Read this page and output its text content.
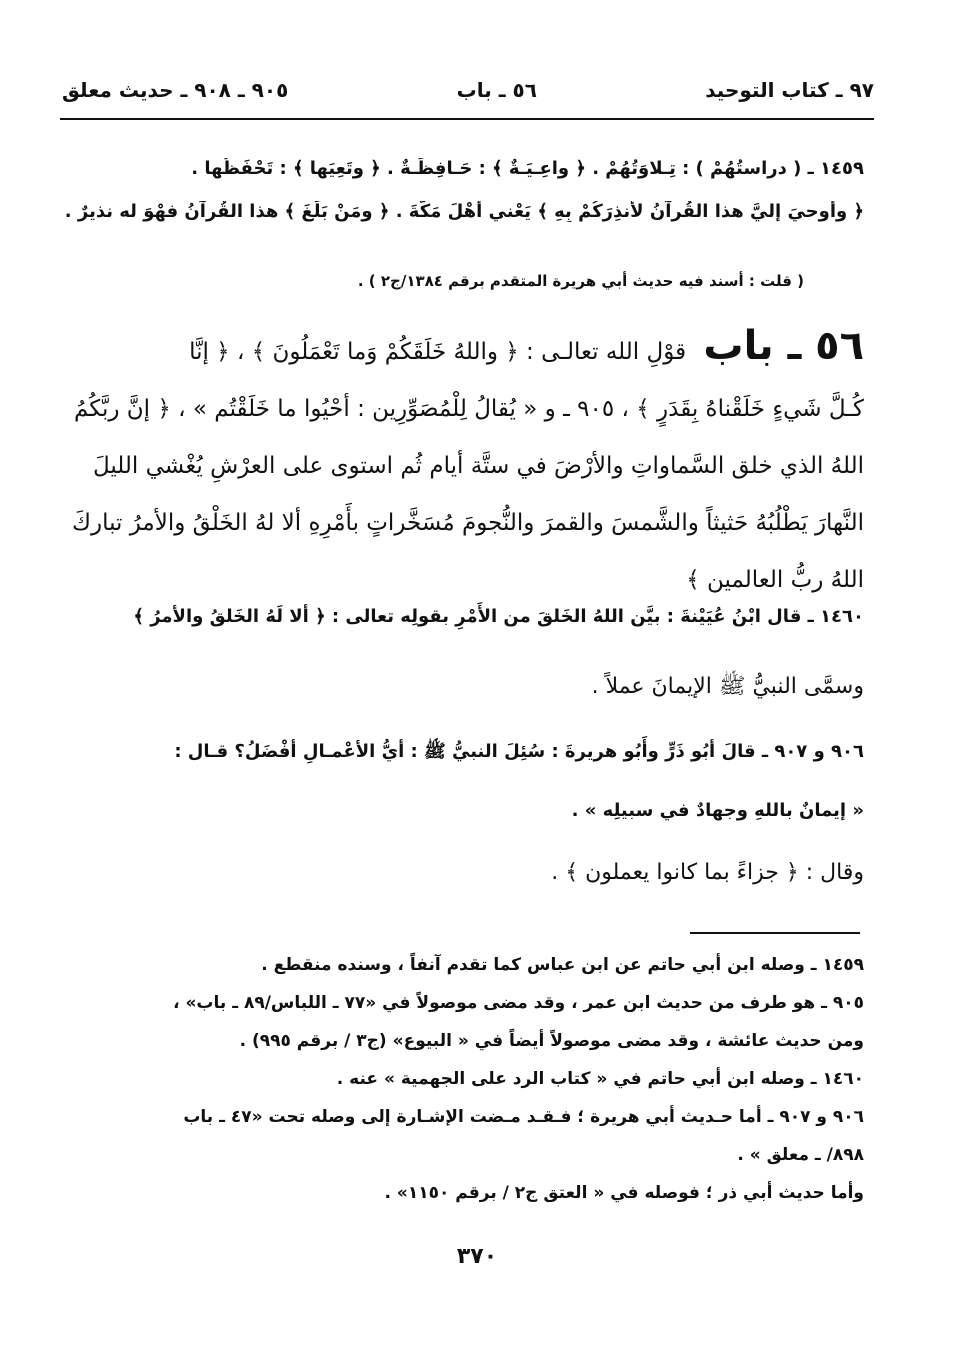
٩٧ ـ كتاب التوحيد
٥٦ ـ باب
٩٠٥ ـ ٩٠٨ ـ حديث معلق
١٤٥٩ ـ ( دراستُهُمْ ) : تِـلاوَتُهُمْ . ﴿ واعِـيَـةٌ ﴾ : حَـافِظَـةٌ . ﴿ وتَعِيَها ﴾ : تَحْفَظُها .
﴿ وأُوحيَ إليَّ هذا القُرآنُ لأُنذِرَكُمْ بِهِ ﴾ يَعْني أَهْلَ مَكَّةَ . ﴿ ومَنْ بَلَغَ ﴾ هذا القُرآنُ فهْوَ له نذيرٌ .
( قلت : أسند فيه حديث أبي هريرة المتقدم برقم ١٣٨٤/ج٢ ) .
٥٦ ـ باب قوْلِ الله تعالـى : ﴿ واللهُ خَلَقَكُمْ وَما تَعْمَلُونَ ﴾ ، ﴿ إنَّا
كُـلَّ شَيءٍ خَلَقْناهُ بِقَدَرٍ ﴾ ، ٩٠٥ ـ و « يُقالُ لِلْمُصَوِّرِين : أحْيُوا ما خَلَقْتُم » ، ﴿ إنَّ ربَّكُمُ
اللهُ الذي خلق السَّماواتِ والأرْضَ في ستَّة أيام ثُم استوى على العرْشِ يُغْشي الليلَ
النَّهارَ يَطْلُبُهُ حَثيثاً والشَّمسَ والقمرَ والنُّجومَ مُسَخَّراتٍ بأَمْرِهِ ألا لهُ الخَلْقُ والأمرُ تباركَ
اللهُ ربُّ العالمين ﴾
١٤٦٠ ـ قال ابْنُ عُيَيْنةَ : بيَّن اللهُ الخَلقَ من الأَمْرِ بقولِه تعالى : ﴿ ألا لَهُ الخَلقُ والأمرُ ﴾
وسمَّى النبيُّ ﷺ الإيمانَ عملاً .
٩٠٦ و ٩٠٧ ـ قالَ أبُو ذَرٍّ وأَبُو هريرةَ : سُئِلَ النبيُّ ﷺ : أيُّ الأعْمـالِ أفْضَلُ؟ قـال :
« إيمانٌ باللهِ وجهادٌ في سبيلِه » .
وقال : ﴿ جزاءً بما كانوا يعملون ﴾ .
١٤٥٩ ـ وصله ابن أبي حاتم عن ابن عباس كما تقدم آنفاً ، وسنده منقطع .
٩٠٥ ـ هو طرف من حديث ابن عمر ، وقد مضى موصولاً في «٧٧ ـ اللباس/٨٩ ـ باب» ،
ومن حديث عائشة ، وقد مضى موصولاً أيضاً في « البيوع» (ج٣ / برقم ٩٩٥) .
١٤٦٠ ـ وصله ابن أبي حاتم في « كتاب الرد على الجهمية » عنه .
٩٠٦ و ٩٠٧ ـ أما حـديث أبي هريرة ؛ فـقـد مـضت الإشـارة إلى وصله تحت «٤٧ ـ باب
٨٩٨/ ـ معلق » .
وأما حديث أبي ذر ؛ فوصله في « العتق ج٢ / برقم ١١٥٠» .
٣٧٠
